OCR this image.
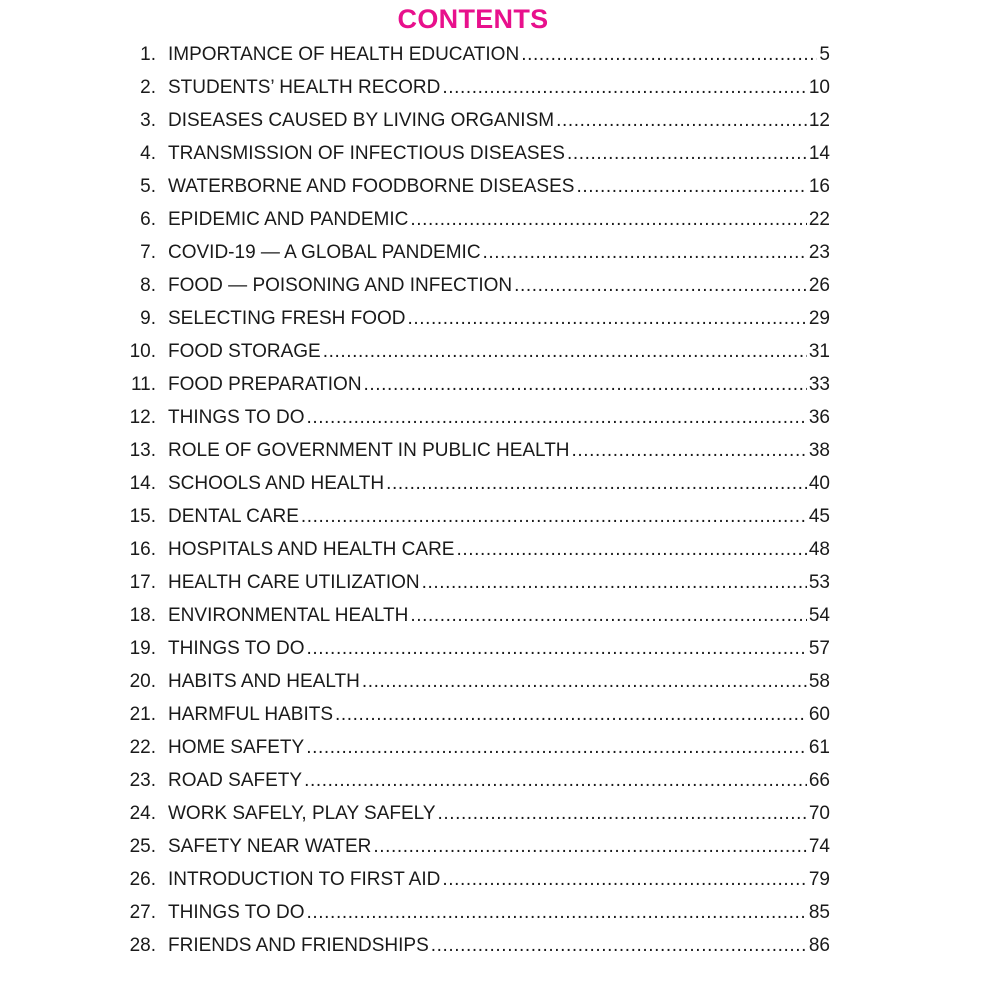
CONTENTS
1. IMPORTANCE OF HEALTH EDUCATION .....	5
2. STUDENTS’ HEALTH RECORD .....	10
3. DISEASES CAUSED BY LIVING ORGANISM .....	12
4. TRANSMISSION OF INFECTIOUS DISEASES .....	14
5. WATERBORNE AND FOODBORNE DISEASES .....	16
6. EPIDEMIC AND PANDEMIC .....	22
7. COVID-19 — A GLOBAL PANDEMIC .....	23
8. FOOD — POISONING AND INFECTION .....	26
9. SELECTING FRESH FOOD .....	29
10. FOOD STORAGE .....	31
11. FOOD PREPARATION .....	33
12. THINGS TO DO .....	36
13. ROLE OF GOVERNMENT IN PUBLIC HEALTH .....	38
14. SCHOOLS AND HEALTH .....	40
15. DENTAL CARE .....	45
16. HOSPITALS AND HEALTH CARE .....	48
17. HEALTH CARE UTILIZATION .....	53
18. ENVIRONMENTAL HEALTH .....	54
19. THINGS TO DO .....	57
20. HABITS AND HEALTH .....	58
21. HARMFUL HABITS .....	60
22. HOME SAFETY .....	61
23. ROAD SAFETY .....	66
24. WORK SAFELY, PLAY SAFELY .....	70
25. SAFETY NEAR WATER .....	74
26. INTRODUCTION TO FIRST AID .....	79
27. THINGS TO DO .....	85
28. FRIENDS AND FRIENDSHIPS .....	86
